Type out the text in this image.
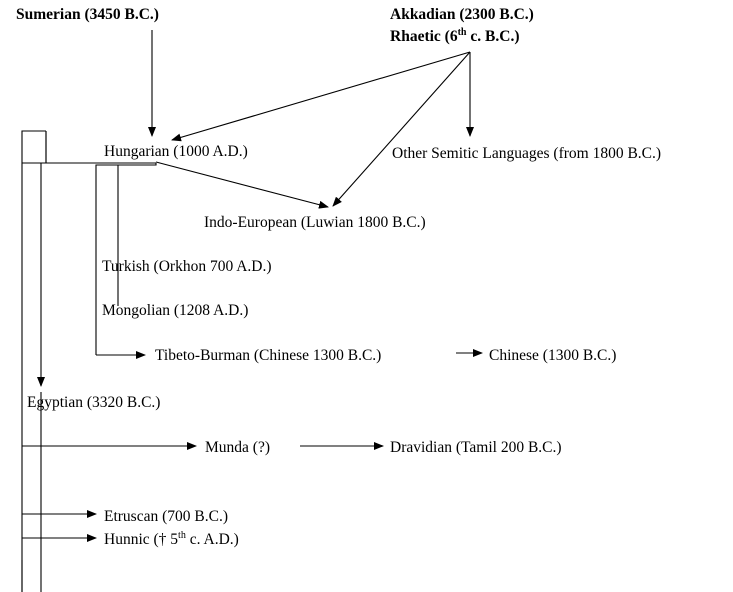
Sumerian (3450 B.C.)	Akkadian (2300 B.C.)
Rhaetic (6th c. B.C.)
Hungarian (1000 A.D.)	Other Semitic Languages (from 1800 B.C.)
Indo-European (Luwian 1800 B.C.)
Turkish (Orkhon 700 A.D.)
Mongolian (1208 A.D.)
Tibeto-Burman (Chinese 1300 B.C.)	Chinese (1300 B.C.)
Egyptian (3320 B.C.)
Munda (?)	Dravidian (Tamil 200 B.C.)
Etruscan (700 B.C.)
Hunnic († 5th c. A.D.)
